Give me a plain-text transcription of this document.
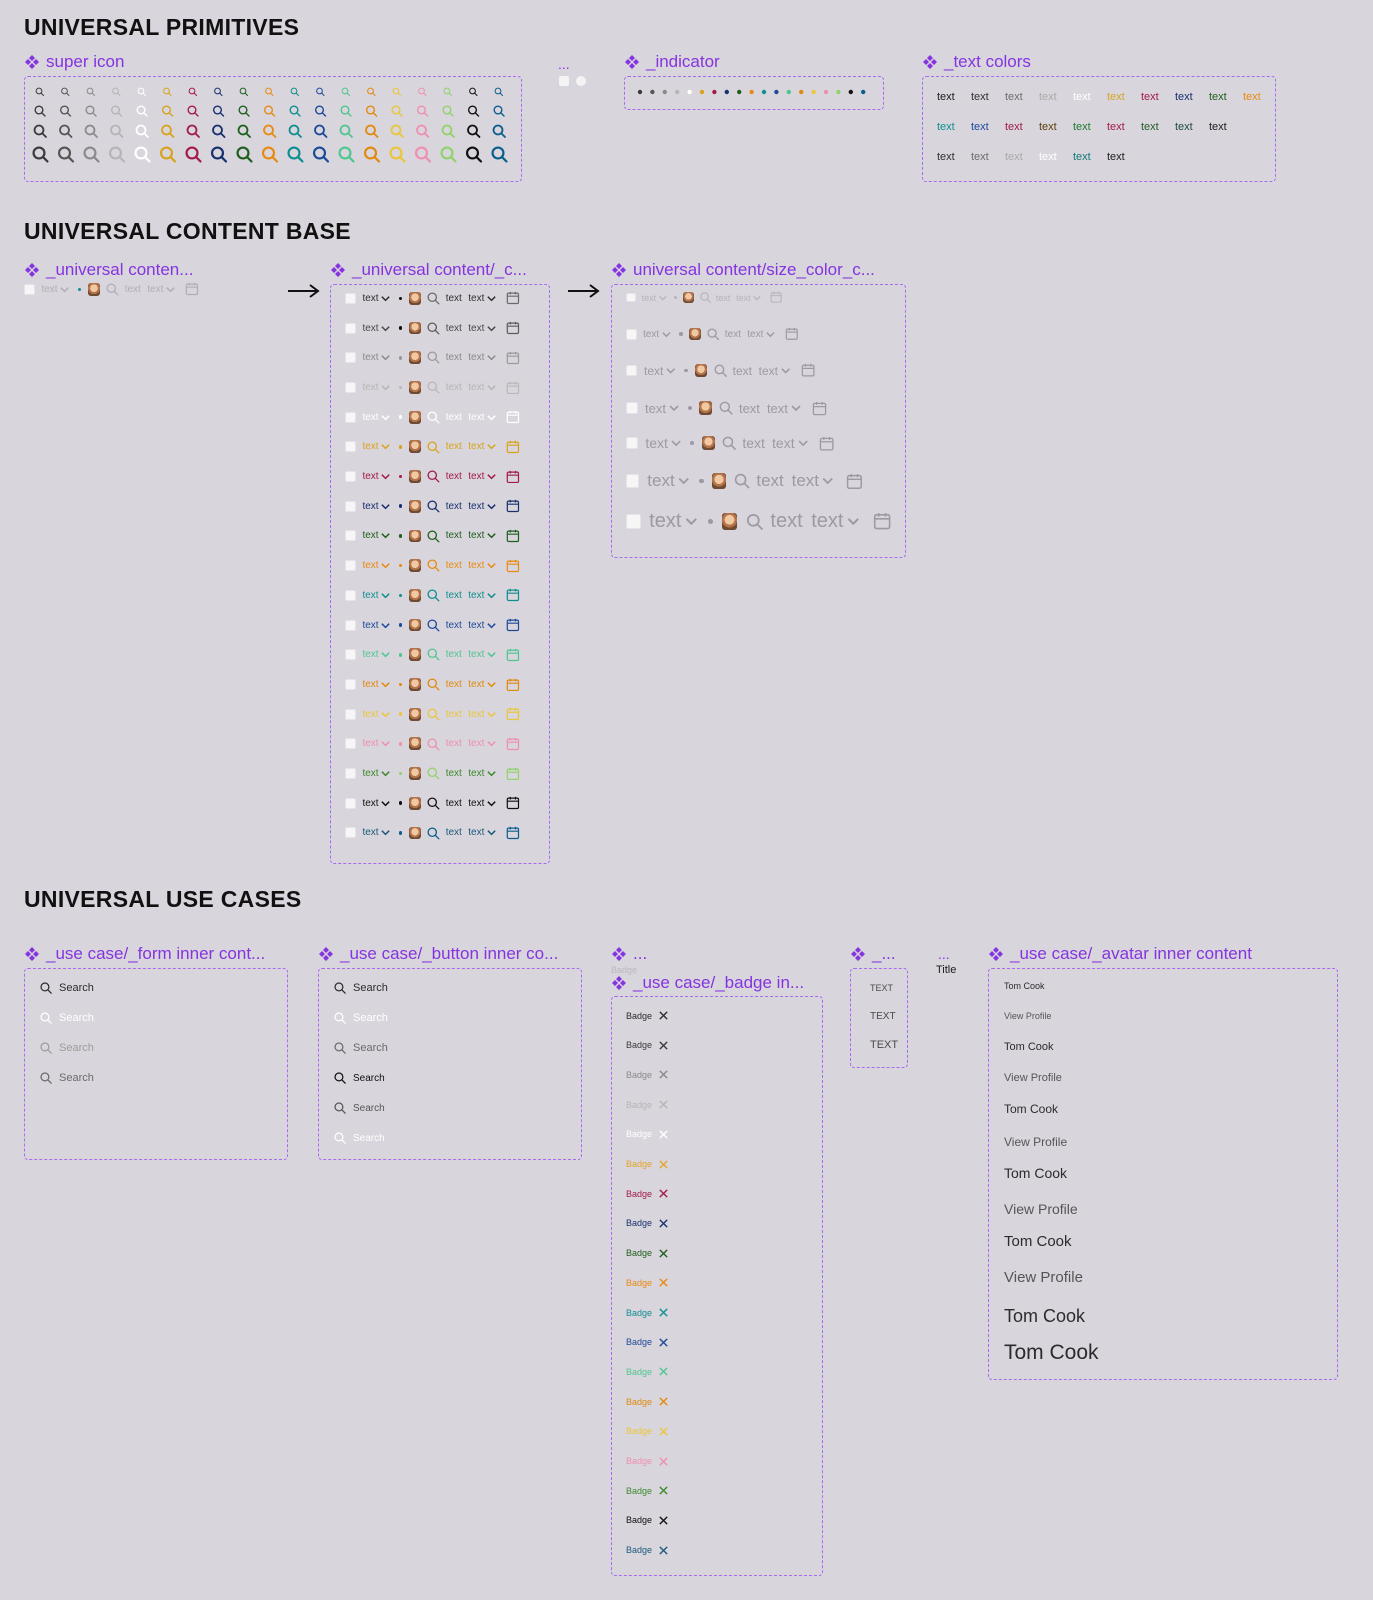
UNIVERSAL PRIMITIVES
UNIVERSAL CONTENT BASE
UNIVERSAL USE CASES
super icon	...	_indicator	_text colors
_universal conten...	_universal content/_c...	universal content/size_color_c...
_use case/_form inner cont...	_use case/_button inner co...	...
Badge
_use case/_badge in...
_...	...
Title
_use case/_avatar inner content
text text text text text text text text text text
text text text text text text text text text
text text text text text text
text	text text
text	text text
text	text text
text	text text
text	text text
text	text text
text	text text
text	text text
text	text text
text	text text
text	text text
text	text text
text	text text
text	text text
text	text text
text	text text
text	text text
text	text text
text	text text
text	text text
text	text text
text	text text
text	text text
text	text text
text	text text
text	text text
text	text text
Search
Search
Search
Search
Search
Search
Search
Search
Search
Search
Badge
Badge
Badge
Badge
Badge
Badge
Badge
Badge
Badge
Badge
Badge
Badge
Badge
Badge
Badge
Badge
Badge
Badge
Badge
TEXT
TEXT
TEXT
Tom Cook
View Profile
Tom Cook
View Profile
Tom Cook
View Profile
Tom Cook
View Profile
Tom Cook
View Profile
Tom Cook
Tom Cook
